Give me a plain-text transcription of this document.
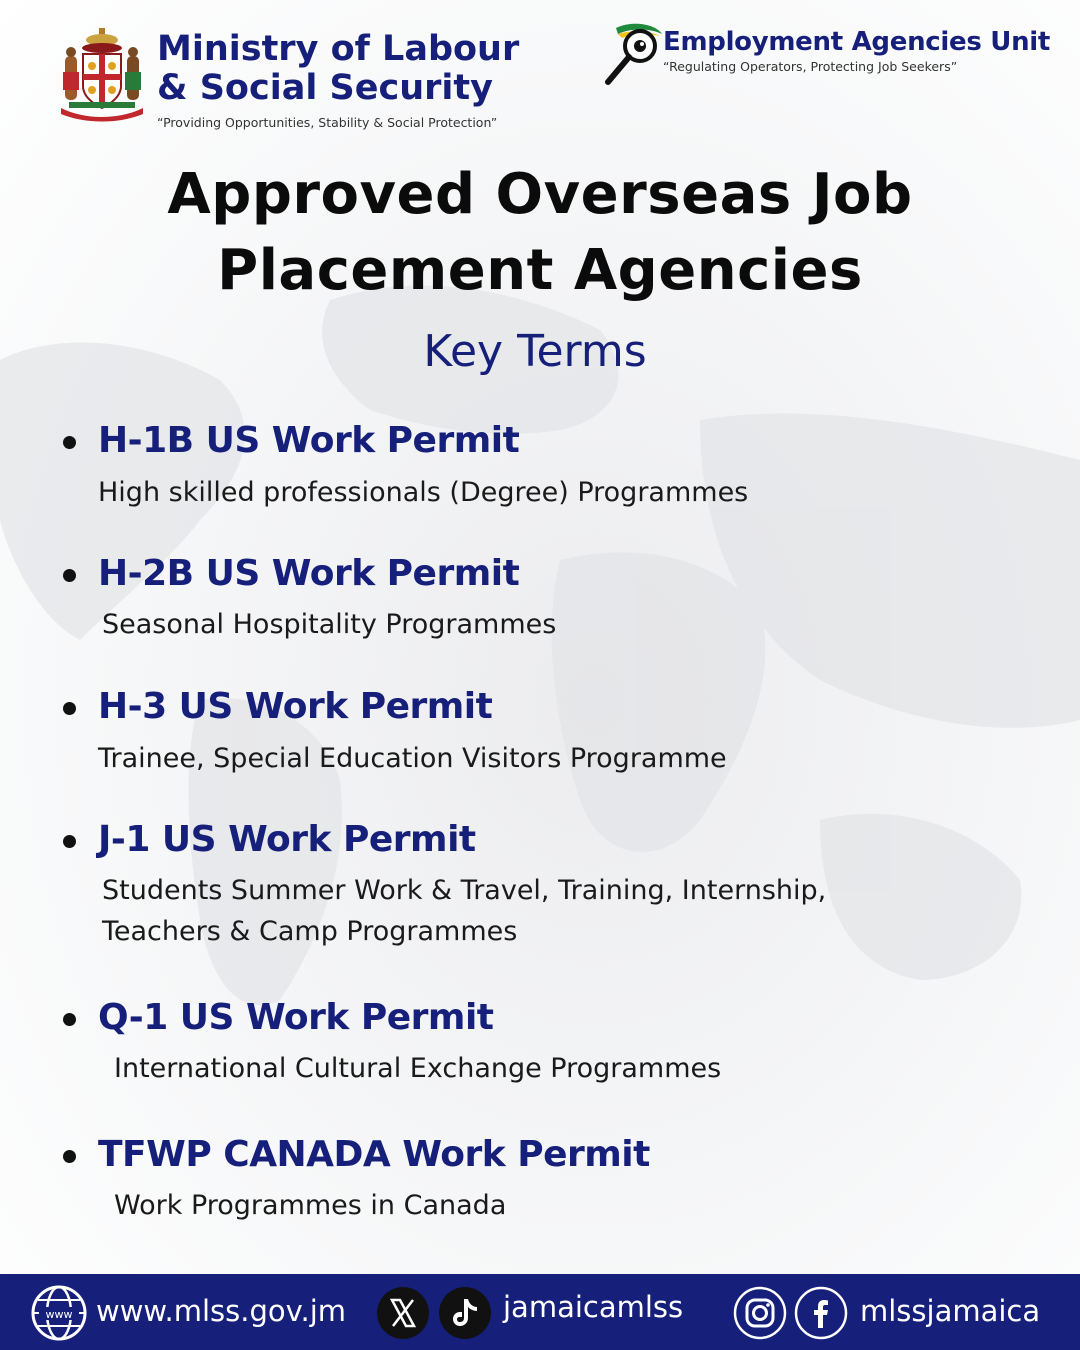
Ministry of Labour
& Social Security
“Providing Opportunities, Stability & Social Protection”
Employment Agencies Unit
“Regulating Operators, Protecting Job Seekers”
Approved Overseas Job
Placement Agencies
Key Terms
H-1B US Work Permit
High skilled professionals (Degree) Programmes
H-2B US Work Permit
Seasonal Hospitality Programmes
H-3 US Work Permit
Trainee, Special Education Visitors Programme
J-1 US Work Permit
Students Summer Work & Travel, Training, Internship,
Teachers & Camp Programmes
Q-1 US Work Permit
International Cultural Exchange Programmes
TFWP CANADA Work Permit
Work Programmes in Canada
www www.mlss.gov.jm	jamaicamlss	mlssjamaica
